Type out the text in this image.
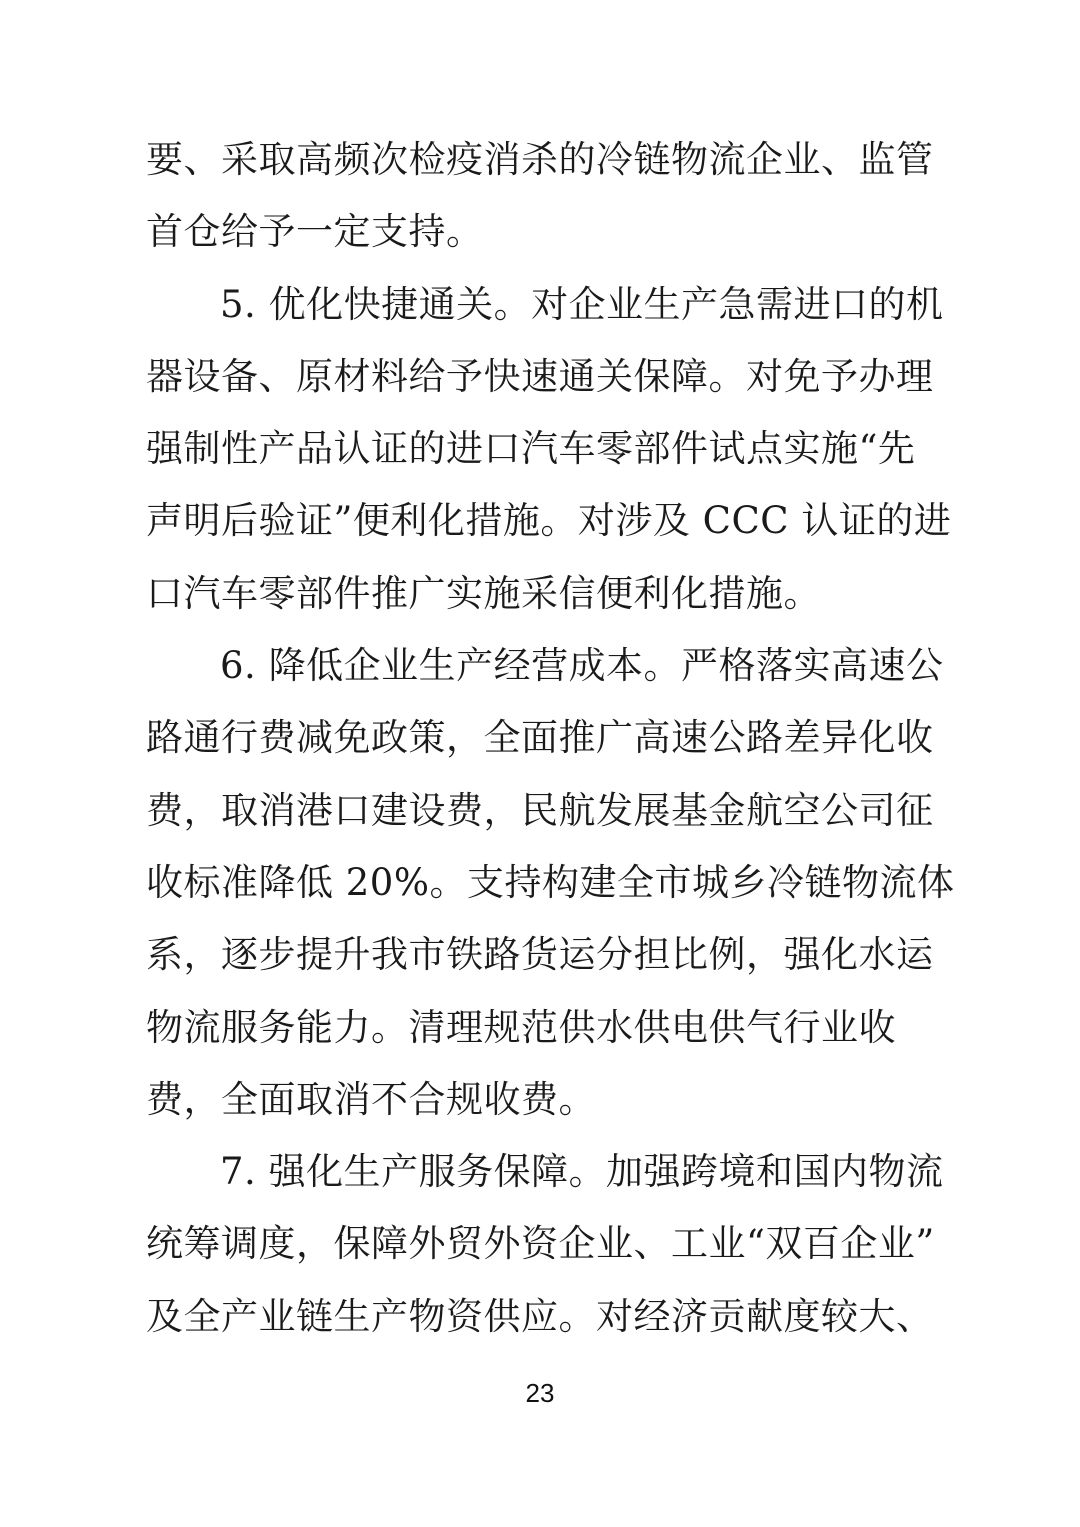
要、采取高频次检疫消杀的冷链物流企业、监管
首仓给予一定支持。
5. 优化快捷通关。对企业生产急需进口的机
器设备、原材料给予快速通关保障。对免予办理
强制性产品认证的进口汽车零部件试点实施“先
声明后验证”便利化措施。对涉及 CCC 认证的进
口汽车零部件推广实施采信便利化措施。
6. 降低企业生产经营成本。严格落实高速公
路通行费减免政策，全面推广高速公路差异化收
费，取消港口建设费，民航发展基金航空公司征
收标准降低 20%。支持构建全市城乡冷链物流体
系，逐步提升我市铁路货运分担比例，强化水运
物流服务能力。清理规范供水供电供气行业收
费，全面取消不合规收费。
7. 强化生产服务保障。加强跨境和国内物流
统筹调度，保障外贸外资企业、工业“双百企业”
及全产业链生产物资供应。对经济贡献度较大、
23
